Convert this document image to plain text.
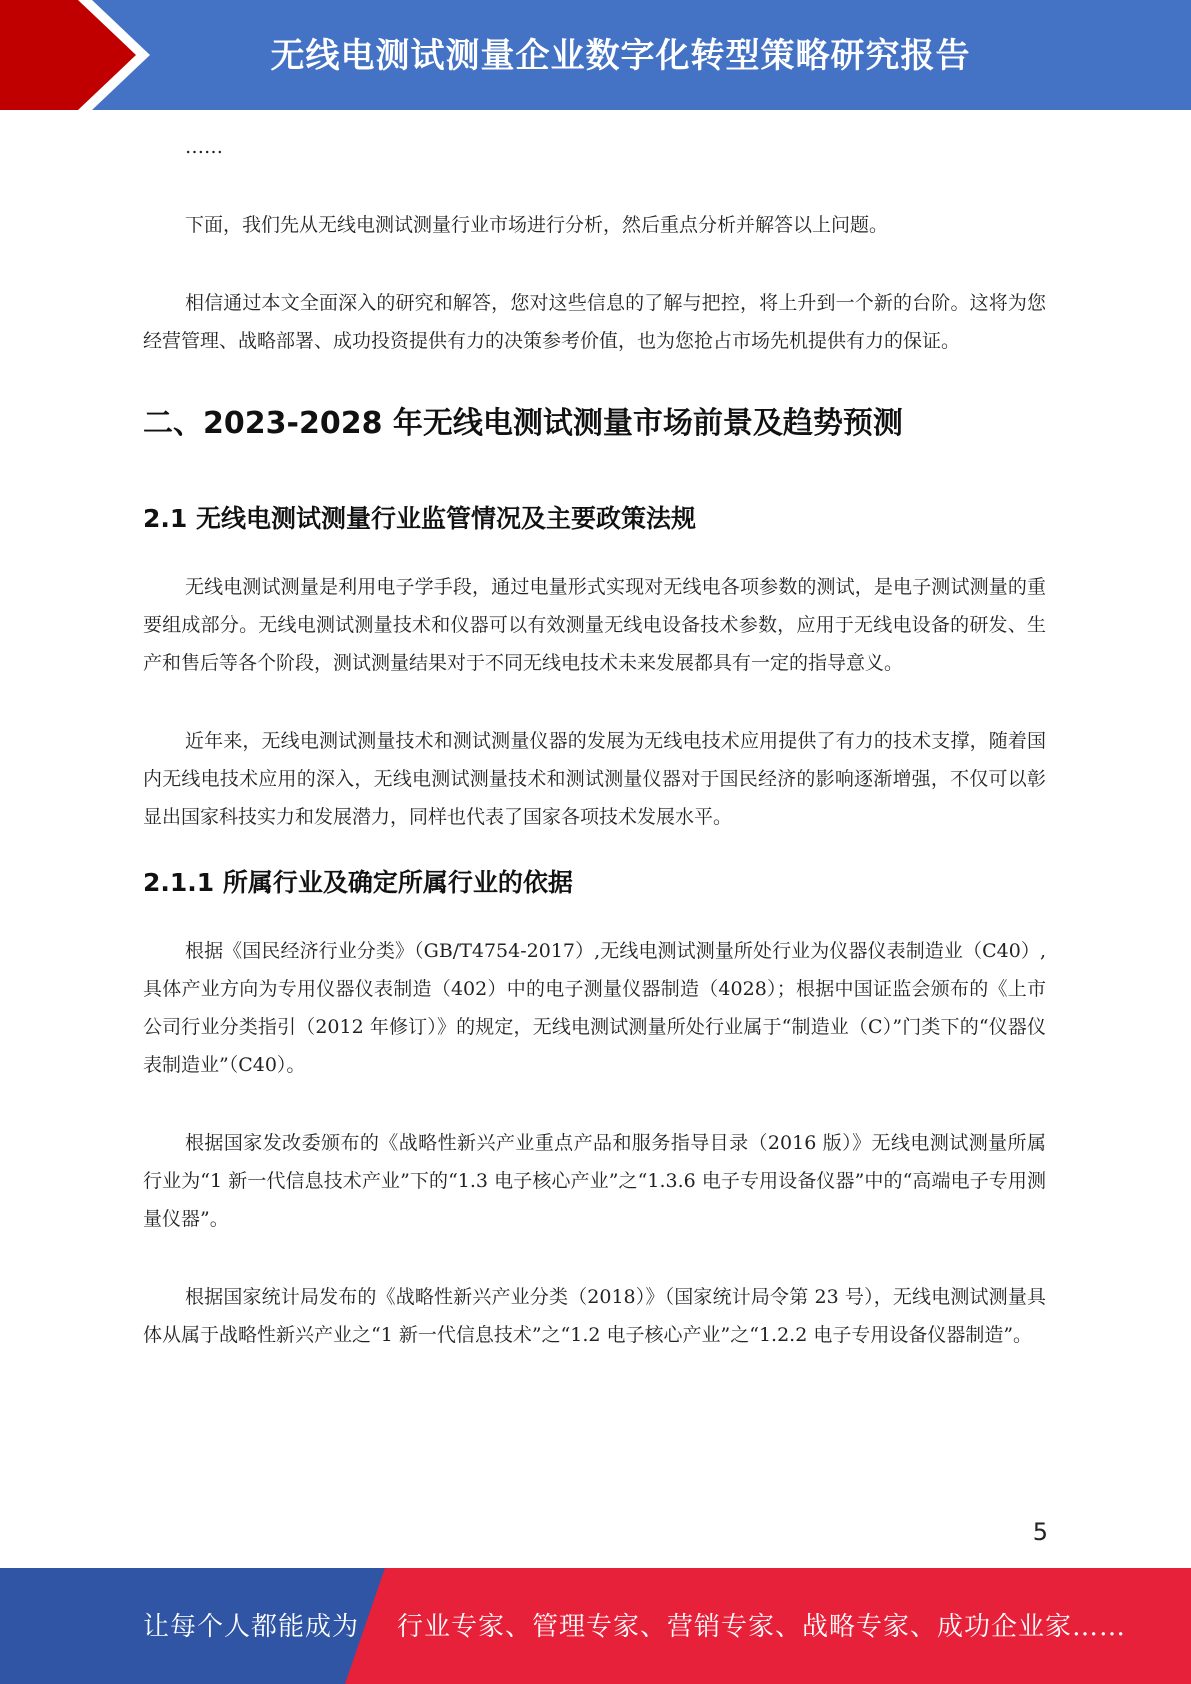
无线电测试测量企业数字化转型策略研究报告
……

下面，我们先从无线电测试测量行业市场进行分析，然后重点分析并解答以上问题。

相信通过本文全面深入的研究和解答，您对这些信息的了解与把控，将上升到一个新的台阶。这将为您经营管理、战略部署、成功投资提供有力的决策参考价值，也为您抢占市场先机提供有力的保证。

二、2023-2028 年无线电测试测量市场前景及趋势预测
2.1 无线电测试测量行业监管情况及主要政策法规

无线电测试测量是利用电子学手段，通过电量形式实现对无线电各项参数的测试，是电子测试测量的重要组成部分。无线电测试测量技术和仪器可以有效测量无线电设备技术参数，应用于无线电设备的研发、生产和售后等各个阶段，测试测量结果对于不同无线电技术未来发展都具有一定的指导意义。

近年来，无线电测试测量技术和测试测量仪器的发展为无线电技术应用提供了有力的技术支撑，随着国内无线电技术应用的深入，无线电测试测量技术和测试测量仪器对于国民经济的影响逐渐增强，不仅可以彰显出国家科技实力和发展潜力，同样也代表了国家各项技术发展水平。

2.1.1 所属行业及确定所属行业的依据

根据《国民经济行业分类》（GB/T4754-2017）,无线电测试测量所处行业为仪器仪表制造业（C40）,具体产业方向为专用仪器仪表制造（402）中的电子测量仪器制造（4028）；根据中国证监会颁布的《上市公司行业分类指引（2012 年修订）》的规定，无线电测试测量所处行业属于“制造业（C）”门类下的“仪器仪表制造业”（C40）。

根据国家发改委颁布的《战略性新兴产业重点产品和服务指导目录（2016 版）》无线电测试测量所属行业为“1 新一代信息技术产业”下的“1.3 电子核心产业”之“1.3.6 电子专用设备仪器”中的“高端电子专用测量仪器”。

根据国家统计局发布的《战略性新兴产业分类（2018）》（国家统计局令第 23 号），无线电测试测量具体从属于战略性新兴产业之“1 新一代信息技术”之“1.2 电子核心产业”之“1.2.2 电子专用设备仪器制造”。

5
让每个人都能成为 行业专家、管理专家、营销专家、战略专家、成功企业家……
